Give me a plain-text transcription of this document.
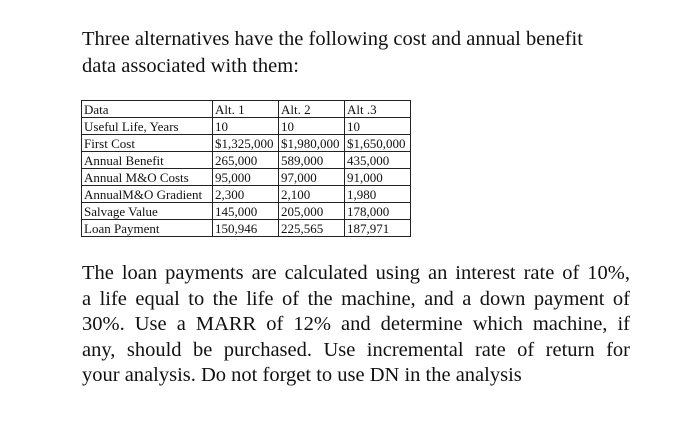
Three alternatives have the following cost and annual benefit
data associated with them:
Data	Alt. 1	Alt. 2	Alt .3
Useful Life, Years	10	10	10
First Cost	$1,325,000	$1,980,000	$1,650,000
Annual Benefit	265,000	589,000	435,000
Annual M&O Costs	95,000	97,000	91,000
AnnualM&O Gradient	2,300	2,100	1,980
Salvage Value	145,000	205,000	178,000
Loan Payment	150,946	225,565	187,971
The loan payments are calculated using an interest rate of 10%,
a life equal to the life of the machine, and a down payment of
30%. Use a MARR of 12% and determine which machine, if
any, should be purchased. Use incremental rate of return for
your analysis. Do not forget to use DN in the analysis
